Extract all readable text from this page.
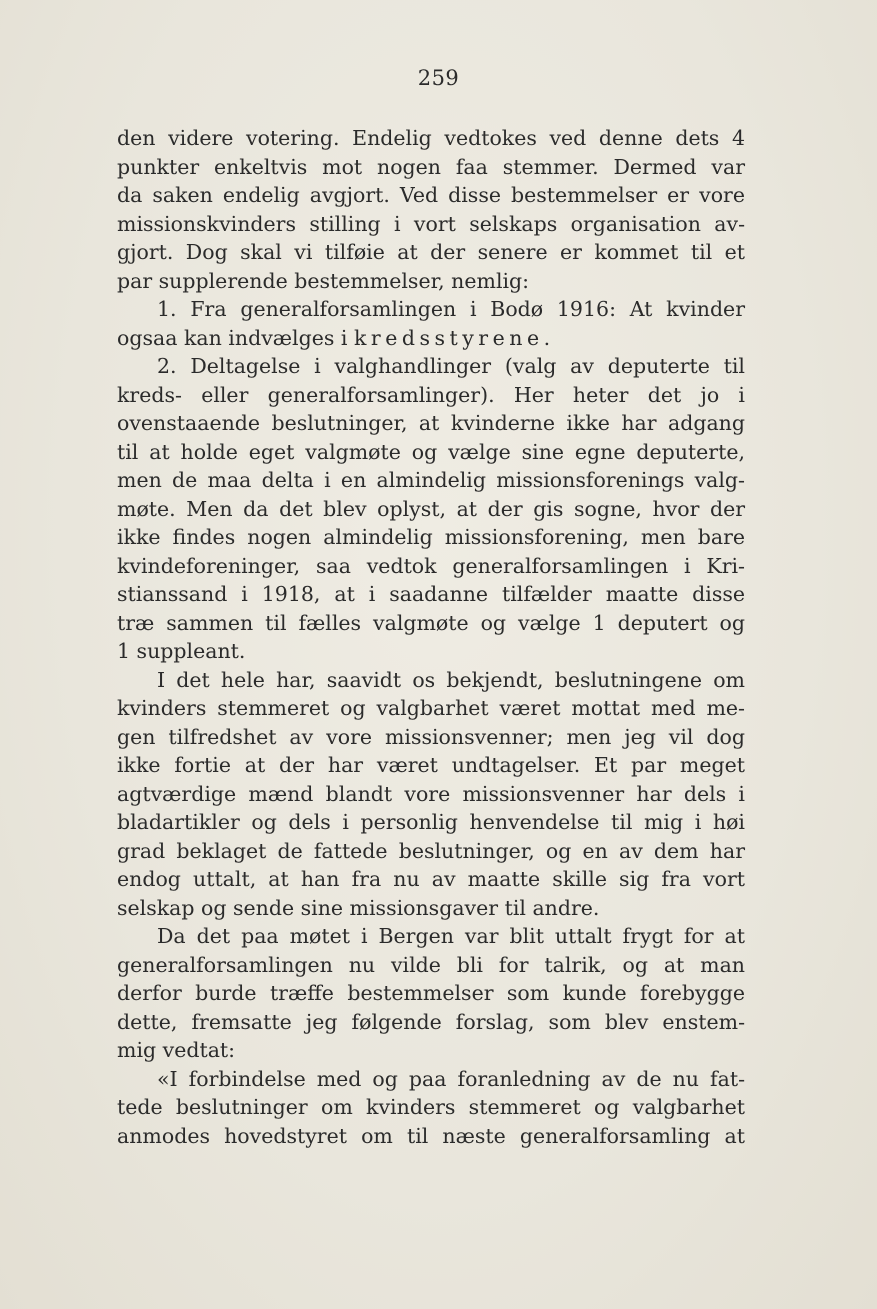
259
den videre votering. Endelig vedtokes ved denne dets 4
punkter enkeltvis mot nogen faa stemmer. Dermed var
da saken endelig avgjort. Ved disse bestemmelser er vore
missionskvinders stilling i vort selskaps organisation av-
gjort. Dog skal vi tilføie at der senere er kommet til et
par supplerende bestemmelser, nemlig:
1. Fra generalforsamlingen i Bodø 1916: At kvinder
ogsaa kan indvælges i kredsstyrene.
2. Deltagelse i valghandlinger (valg av deputerte til
kreds- eller generalforsamlinger). Her heter det jo i
ovenstaaende beslutninger, at kvinderne ikke har adgang
til at holde eget valgmøte og vælge sine egne deputerte,
men de maa delta i en almindelig missionsforenings valg-
møte. Men da det blev oplyst, at der gis sogne, hvor der
ikke findes nogen almindelig missionsforening, men bare
kvindeforeninger, saa vedtok generalforsamlingen i Kri-
stianssand i 1918, at i saadanne tilfælder maatte disse
træ sammen til fælles valgmøte og vælge 1 deputert og
1 suppleant.
I det hele har, saavidt os bekjendt, beslutningene om
kvinders stemmeret og valgbarhet været mottat med me-
gen tilfredshet av vore missionsvenner; men jeg vil dog
ikke fortie at der har været undtagelser. Et par meget
agtværdige mænd blandt vore missionsvenner har dels i
bladartikler og dels i personlig henvendelse til mig i høi
grad beklaget de fattede beslutninger, og en av dem har
endog uttalt, at han fra nu av maatte skille sig fra vort
selskap og sende sine missionsgaver til andre.
Da det paa møtet i Bergen var blit uttalt frygt for at
generalforsamlingen nu vilde bli for talrik, og at man
derfor burde træffe bestemmelser som kunde forebygge
dette, fremsatte jeg følgende forslag, som blev enstem-
mig vedtat:
«I forbindelse med og paa foranledning av de nu fat-
tede beslutninger om kvinders stemmeret og valgbarhet
anmodes hovedstyret om til næste generalforsamling at
